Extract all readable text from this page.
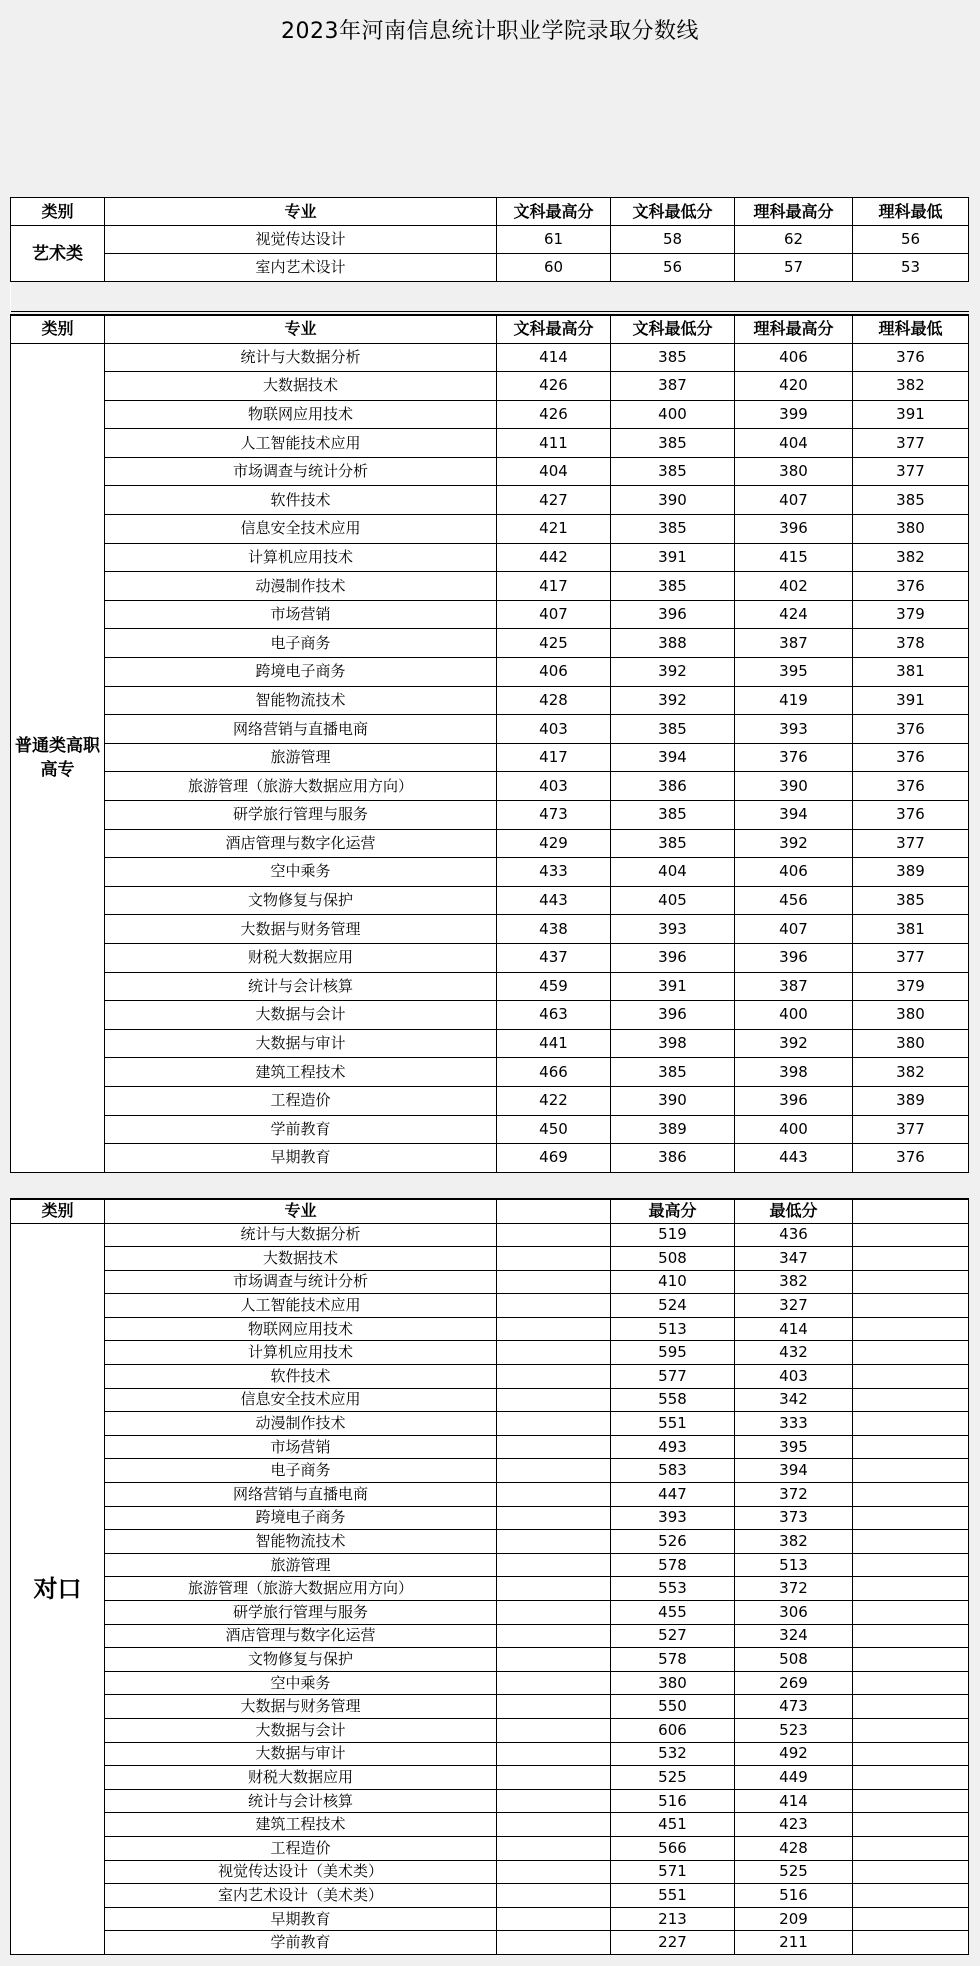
2023年河南信息统计职业学院录取分数线
类别	专业	文科最高分	文科最低分	理科最高分	理科最低
艺术类	视觉传达设计	61	58	62	56
	室内艺术设计	60	56	57	53

类别	专业	文科最高分	文科最低分	理科最高分	理科最低
普通类高职高专	统计与大数据分析	414	385	406	376
	大数据技术	426	387	420	382
	物联网应用技术	426	400	399	391
	人工智能技术应用	411	385	404	377
	市场调查与统计分析	404	385	380	377
	软件技术	427	390	407	385
	信息安全技术应用	421	385	396	380
	计算机应用技术	442	391	415	382
	动漫制作技术	417	385	402	376
	市场营销	407	396	424	379
	电子商务	425	388	387	378
	跨境电子商务	406	392	395	381
	智能物流技术	428	392	419	391
	网络营销与直播电商	403	385	393	376
	旅游管理	417	394	376	376
	旅游管理（旅游大数据应用方向）	403	386	390	376
	研学旅行管理与服务	473	385	394	376
	酒店管理与数字化运营	429	385	392	377
	空中乘务	433	404	406	389
	文物修复与保护	443	405	456	385
	大数据与财务管理	438	393	407	381
	财税大数据应用	437	396	396	377
	统计与会计核算	459	391	387	379
	大数据与会计	463	396	400	380
	大数据与审计	441	398	392	380
	建筑工程技术	466	385	398	382
	工程造价	422	390	396	389
	学前教育	450	389	400	377
	早期教育	469	386	443	376
类别	专业		最高分	最低分	
对口	统计与大数据分析		519	436	
	大数据技术		508	347	
	市场调查与统计分析		410	382	
	人工智能技术应用		524	327	
	物联网应用技术		513	414	
	计算机应用技术		595	432	
	软件技术		577	403	
	信息安全技术应用		558	342	
	动漫制作技术		551	333	
	市场营销		493	395	
	电子商务		583	394	
	网络营销与直播电商		447	372	
	跨境电子商务		393	373	
	智能物流技术		526	382	
	旅游管理		578	513	
	旅游管理（旅游大数据应用方向）		553	372	
	研学旅行管理与服务		455	306	
	酒店管理与数字化运营		527	324	
	文物修复与保护		578	508	
	空中乘务		380	269	
	大数据与财务管理		550	473	
	大数据与会计		606	523	
	大数据与审计		532	492	
	财税大数据应用		525	449	
	统计与会计核算		516	414	
	建筑工程技术		451	423	
	工程造价		566	428	
	视觉传达设计（美术类）		571	525	
	室内艺术设计（美术类）		551	516	
	早期教育		213	209	
	学前教育		227	211	
